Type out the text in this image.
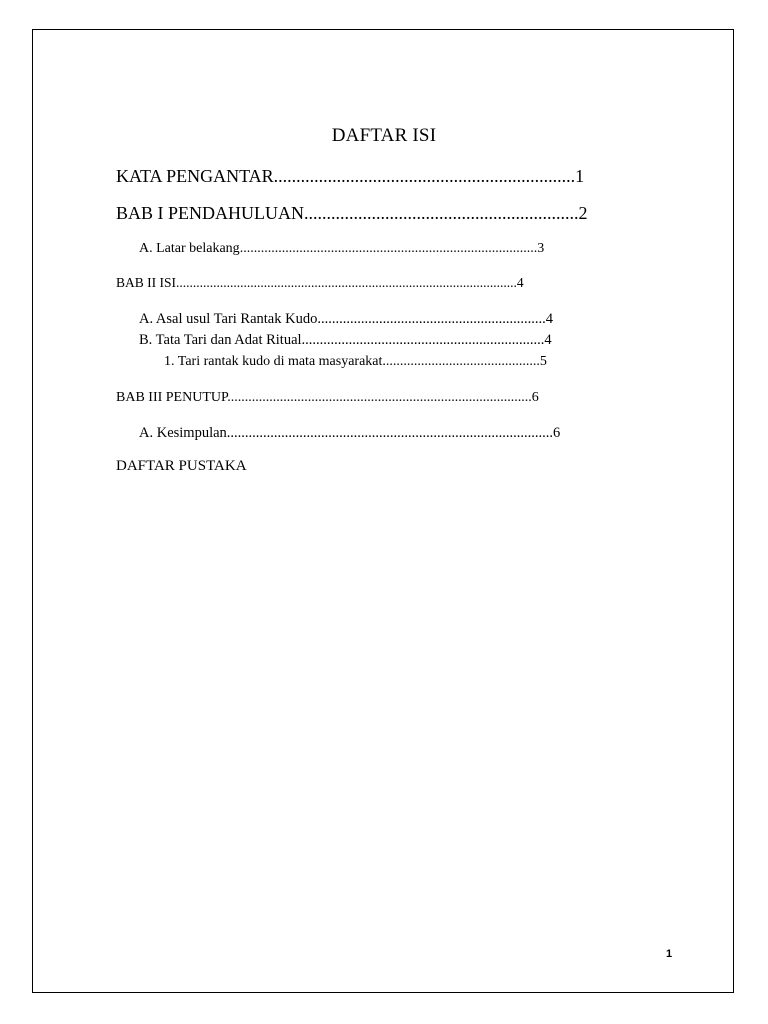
DAFTAR ISI
KATA PENGANTAR...................................................................1
BAB I PENDAHULUAN.............................................................2
A. Latar belakang.....................................................................................3
BAB II ISI.....................................................................................................4
A. Asal usul Tari Rantak Kudo...............................................................4
B. Tata Tari dan Adat Ritual...................................................................4
1. Tari rantak kudo di mata masyarakat.............................................5
BAB III PENUTUP.......................................................................................6
A. Kesimpulan..........................................................................................6
DAFTAR PUSTAKA
1
